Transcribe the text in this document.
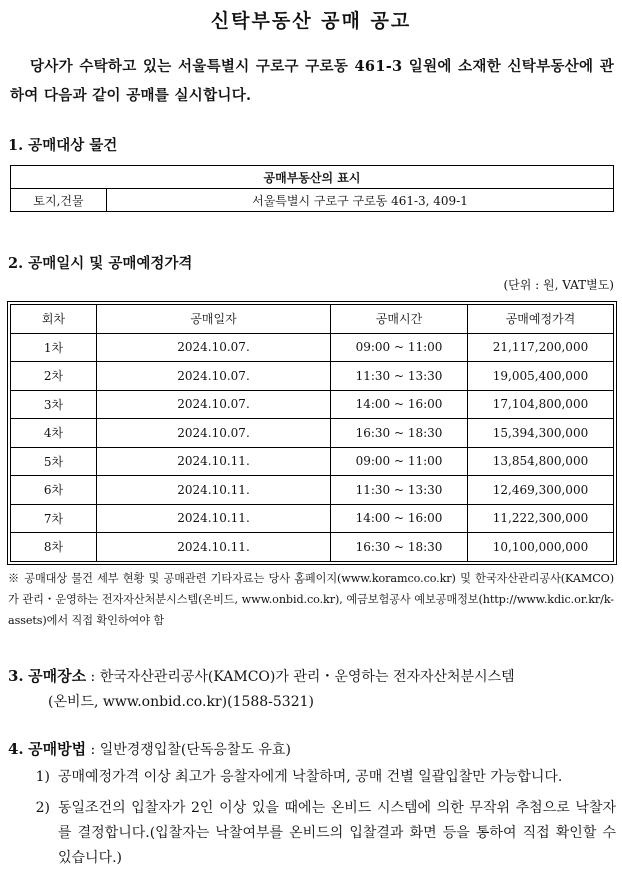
신탁부동산 공매 공고
당사가 수탁하고 있는 서울특별시 구로구 구로동 461-3 일원에 소재한 신탁부동산에 관하여 다음과 같이 공매를 실시합니다.
1. 공매대상 물건
공매부동산의 표시
토지,건물	서울특별시 구로구 구로동 461-3, 409-1
2. 공매일시 및 공매예정가격
(단위 : 원, VAT별도)
회차	공매일자	공매시간	공매예정가격
1차	2024.10.07.	09:00 ~ 11:00	21,117,200,000
2차	2024.10.07.	11:30 ~ 13:30	19,005,400,000
3차	2024.10.07.	14:00 ~ 16:00	17,104,800,000
4차	2024.10.07.	16:30 ~ 18:30	15,394,300,000
5차	2024.10.11.	09:00 ~ 11:00	13,854,800,000
6차	2024.10.11.	11:30 ~ 13:30	12,469,300,000
7차	2024.10.11.	14:00 ~ 16:00	11,222,300,000
8차	2024.10.11.	16:30 ~ 18:30	10,100,000,000
※ 공매대상 물건 세부 현황 및 공매관련 기타자료는 당사 홈페이지(www.koramco.co.kr) 및 한국자산관리공사(KAMCO)가 관리・운영하는 전자자산처분시스템(온비드, www.onbid.co.kr), 예금보험공사 예보공매정보(http://www.kdic.or.kr/k-assets)에서 직접 확인하여야 함
3. 공매장소 : 한국자산관리공사(KAMCO)가 관리・운영하는 전자자산처분시스템
(온비드, www.onbid.co.kr)(1588-5321)
4. 공매방법 : 일반경쟁입찰(단독응찰도 유효)
1) 공매예정가격 이상 최고가 응찰자에게 낙찰하며, 공매 건별 일괄입찰만 가능합니다.
2) 동일조건의 입찰자가 2인 이상 있을 때에는 온비드 시스템에 의한 무작위 추첨으로 낙찰자를 결정합니다.(입찰자는 낙찰여부를 온비드의 입찰결과 화면 등을 통하여 직접 확인할 수 있습니다.)
